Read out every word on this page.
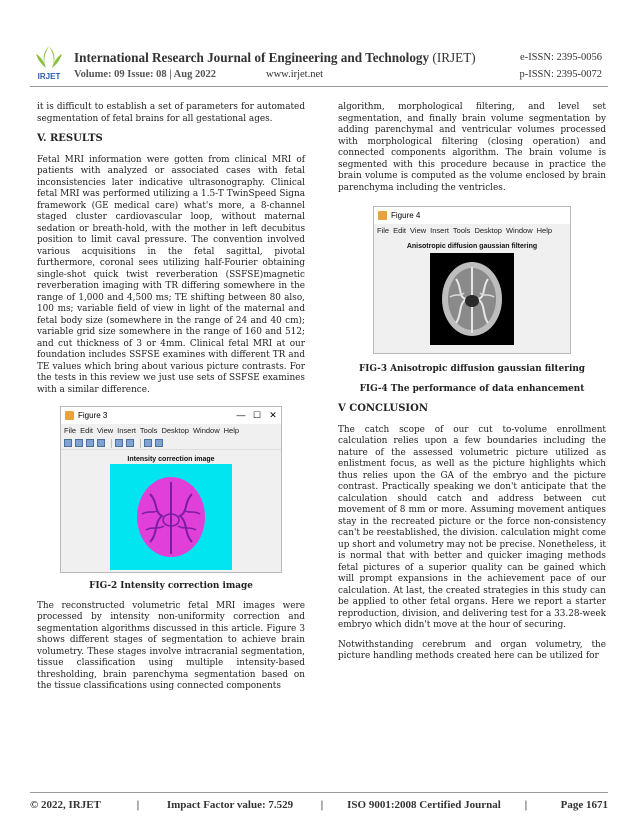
IRJET
International Research Journal of Engineering and Technology (IRJET)	e-ISSN: 2395-0056
Volume: 09 Issue: 08 | Aug 2022	www.irjet.net	p-ISSN: 2395-0072

it is difficult to establish a set of parameters for automated segmentation of fetal brains for all gestational ages.

V. RESULTS

Fetal MRI information were gotten from clinical MRI of patients with analyzed or associated cases with fetal inconsistencies later indicative ultrasonography. Clinical fetal MRI was performed utilizing a 1.5-T TwinSpeed Signa framework (GE medical care) what's more, a 8-channel staged cluster cardiovascular loop, without maternal sedation or breath-hold, with the mother in left decubitus position to limit caval pressure. The convention involved various acquisitions in the fetal sagittal, pivotal furthermore, coronal sees utilizing half-Fourier obtaining single-shot quick twist reverberation (SSFSE)magnetic reverberation imaging with TR differing somewhere in the range of 1,000 and 4,500 ms; TE shifting between 80 also, 100 ms; variable field of view in light of the maternal and fetal body size (somewhere in the range of 24 and 40 cm); variable grid size somewhere in the range of 160 and 512; and cut thickness of 3 or 4mm. Clinical fetal MRI at our foundation includes SSFSE examines with different TR and TE values which bring about various picture contrasts. For the tests in this review we just use sets of SSFSE examines with a similar difference.

Figure 3	— ☐ ✕
File Edit View Insert Tools Desktop Window Help
Intensity correction image
FIG-2 Intensity correction image

The reconstructed volumetric fetal MRI images were processed by intensity non-uniformity correction and segmentation algorithms discussed in this article. Figure 3 shows different stages of segmentation to achieve brain volumetry. These stages involve intracranial segmentation, tissue classification using multiple intensity-based thresholding, brain parenchyma segmentation based on the tissue classifications using connected components

algorithm, morphological filtering, and level set segmentation, and finally brain volume segmentation by adding parenchymal and ventricular volumes processed with morphological filtering (closing operation) and connected components algorithm. The brain volume is segmented with this procedure because in practice the brain volume is computed as the volume enclosed by brain parenchyma including the ventricles.

Figure 4
File Edit View Insert Tools Desktop Window Help
Anisotropic diffusion gaussian filtering
FIG-3 Anisotropic diffusion gaussian filtering
FIG-4 The performance of data enhancement
V CONCLUSION

The catch scope of our cut to-volume enrollment calculation relies upon a few boundaries including the nature of the assessed volumetric picture utilized as enlistment focus, as well as the picture highlights which thus relies upon the GA of the embryo and the picture contrast. Practically speaking we don't anticipate that the calculation should catch and address between cut movement of 8 mm or more. Assuming movement antiques stay in the recreated picture or the force non-consistency can't be reestablished, the division. calculation might come up short and volumetry may not be precise. Nonetheless, it is normal that with better and quicker imaging methods fetal pictures of a superior quality can be gained which will prompt expansions in the achievement pace of our calculation. At last, the created strategies in this study can be applied to other fetal organs. Here we report a starter reproduction, division, and delivering test for a 33.28-week embryo which didn't move at the hour of securing.

Notwithstanding cerebrum and organ volumetry, the picture handling methods created here can be utilized for

© 2022, IRJET	|	Impact Factor value: 7.529	|	ISO 9001:2008 Certified Journal	|	Page 1671
